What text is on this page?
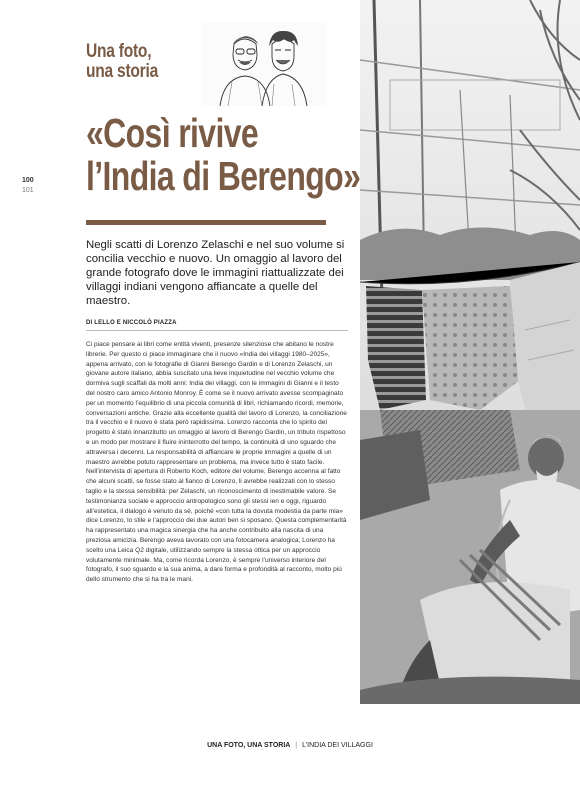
100
101
Una foto,
una storia
«Così rivive
l’India di Berengo»
Negli scatti di Lorenzo Zelaschi e nel suo volume si concilia vecchio e nuovo. Un omaggio al lavoro del grande fotografo dove le immagini riattualizzate dei villaggi indiani vengono affiancate a quelle del maestro.
DI LELLO E NICCOLÒ PIAZZA
Ci piace pensare ai libri come entità viventi, presenze silenziose che abitano le nostre librerie. Per questo ci piace immaginare che il nuovo «India dei villaggi 1980–2025», appena arrivato, con le fotografie di Gianni Berengo Gardin e di Lorenzo Zelaschi, un giovane autore italiano, abbia suscitato una lieve inquietudine nel vecchio volume che dormiva sugli scaffali da molti anni: India dei villaggi, con le immagini di Gianni e il testo del nostro caro amico Antonio Monroy. È come se il nuovo arrivato avesse scompaginato per un momento l’equilibrio di una piccola comunità di libri, richiamando ricordi, memorie, conversazioni antiche. Grazie alla eccellente qualità del lavoro di Lorenzo, la conciliazione tra il vecchio e il nuovo è stata però rapidissima. Lorenzo racconta che lo spirito del progetto è stato innanzitutto un omaggio al lavoro di Berengo Gardin, un tributo rispettoso e un modo per mostrare il fluire ininterrotto del tempo, la continuità di uno sguardo che attraversa i decenni. La responsabilità di affiancare le proprie immagini a quelle di un maestro avrebbe potuto rappresentare un problema, ma invece tutto è stato facile. Nell’intervista di apertura di Roberto Koch, editore del volume, Berengo accenna al fatto che alcuni scatti, se fosse stato al fianco di Lorenzo, li avrebbe realizzati con lo stesso taglio e la stessa sensibilità: per Zelaschi, un riconoscimento di inestimabile valore. Se testimonianza sociale e approccio antropologico sono gli stessi ieri e oggi, riguardo all’estetica, il dialogo è venuto da sé, poiché «con tutta la dovuta modestia da parte mia» dice Lorenzo, lo stile e l’approccio dei due autori ben si sposano. Questa complementarità ha rappresentato una magica sinergia che ha anche contribuito alla nascita di una preziosa amicizia. Berengo aveva lavorato con una fotocamera analogica; Lorenzo ha scelto una Leica Q2 digitale, utilizzando sempre la stessa ottica per un approccio volutamente minimale. Ma, come ricorda Lorenzo, è sempre l’universo interiore del fotografo, il suo sguardo e la sua anima, a dare forma e profondità al racconto, molto più dello strumento che si ha tra le mani.
UNA FOTO, UNA STORIA | L’INDIA DEI VILLAGGI
